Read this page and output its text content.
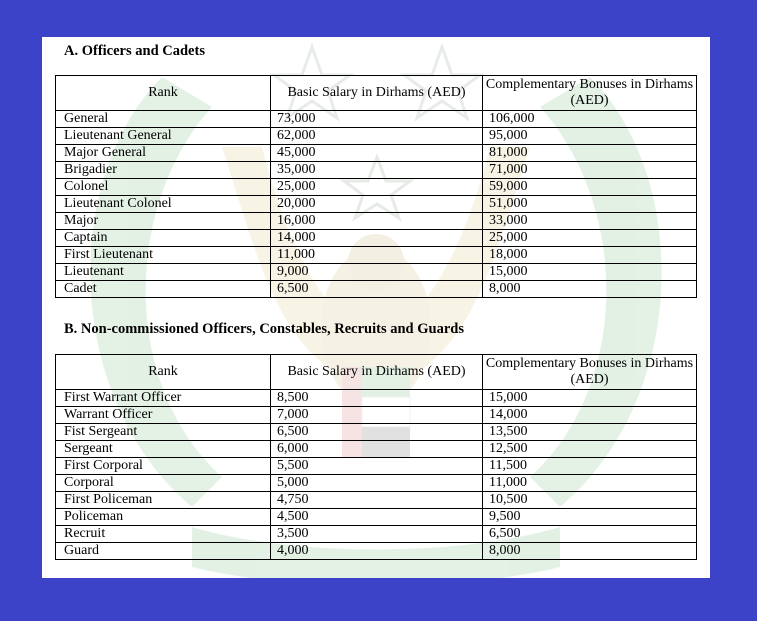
A. Officers and Cadets
Rank	Basic Salary in Dirhams (AED)	Complementary Bonuses in Dirhams (AED)
General	73,000	106,000
Lieutenant General	62,000	95,000
Major General	45,000	81,000
Brigadier	35,000	71,000
Colonel	25,000	59,000
Lieutenant Colonel	20,000	51,000
Major	16,000	33,000
Captain	14,000	25,000
First Lieutenant	11,000	18,000
Lieutenant	9,000	15,000
Cadet	6,500	8,000
B. Non-commissioned Officers, Constables, Recruits and Guards
Rank	Basic Salary in Dirhams (AED)	Complementary Bonuses in Dirhams (AED)
First Warrant Officer	8,500	15,000
Warrant Officer	7,000	14,000
Fist Sergeant	6,500	13,500
Sergeant	6,000	12,500
First Corporal	5,500	11,500
Corporal	5,000	11,000
First Policeman	4,750	10,500
Policeman	4,500	9,500
Recruit	3,500	6,500
Guard	4,000	8,000
